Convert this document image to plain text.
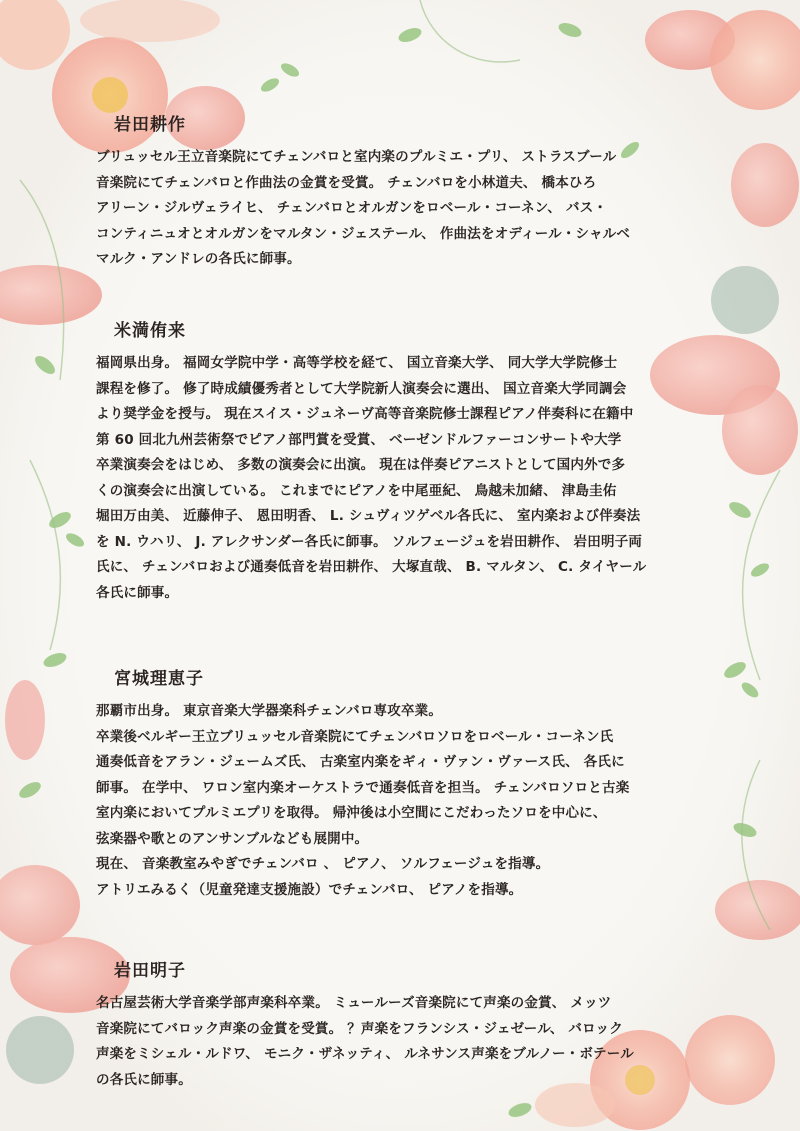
岩田耕作
ブリュッセル王立音楽院にてチェンバロと室内楽のプルミエ・プリ、 ストラスブール
音楽院にてチェンバロと作曲法の金賞を受賞。 チェンバロを小林道夫、 橋本ひろ
アリーン・ジルヴェライヒ、 チェンバロとオルガンをロベール・コーネン、 バス・
コンティニュオとオルガンをマルタン・ジェステール、 作曲法をオディール・シャルベ
マルク・アンドレの各氏に師事。
米満侑来
福岡県出身。 福岡女学院中学・高等学校を経て、 国立音楽大学、 同大学大学院修士
課程を修了。 修了時成績優秀者として大学院新人演奏会に選出、 国立音楽大学同調会
より奨学金を授与。 現在スイス・ジュネーヴ高等音楽院修士課程ピアノ伴奏科に在籍中
第 60 回北九州芸術祭でピアノ部門賞を受賞、 ベーゼンドルファーコンサートや大学
卒業演奏会をはじめ、 多数の演奏会に出演。 現在は伴奏ピアニストとして国内外で多
くの演奏会に出演している。 これまでにピアノを中尾亜紀、 鳥越未加緒、 津島圭佑
堀田万由美、 近藤伸子、 恩田明香、 L. シュヴィツゲベル各氏に、 室内楽および伴奏法
を N. ウハリ、 J. アレクサンダー各氏に師事。 ソルフェージュを岩田耕作、 岩田明子両
氏に、 チェンバロおよび通奏低音を岩田耕作、 大塚直哉、 B. マルタン、 C. タイヤール
各氏に師事。
宮城理恵子
那覇市出身。 東京音楽大学器楽科チェンバロ専攻卒業。
卒業後ベルギー王立ブリュッセル音楽院にてチェンバロソロをロベール・コーネン氏
通奏低音をアラン・ジェームズ氏、 古楽室内楽をギィ・ヴァン・ヴァース氏、 各氏に
師事。 在学中、 ワロン室内楽オーケストラで通奏低音を担当。 チェンバロソロと古楽
室内楽においてプルミエプリを取得。 帰沖後は小空間にこだわったソロを中心に、
弦楽器や歌とのアンサンブルなども展開中。
現在、 音楽教室みやぎでチェンバロ 、 ピアノ、 ソルフェージュを指導。
アトリエみるく（児童発達支援施設）でチェンバロ、 ピアノを指導。
岩田明子
名古屋芸術大学音楽学部声楽科卒業。 ミュールーズ音楽院にて声楽の金賞、 メッツ
音楽院にてバロック声楽の金賞を受賞。 ？声楽をフランシス・ジェゼール、 バロック
声楽をミシェル・ルドワ、 モニク・ザネッティ、 ルネサンス声楽をブルノー・ボテール
の各氏に師事。
